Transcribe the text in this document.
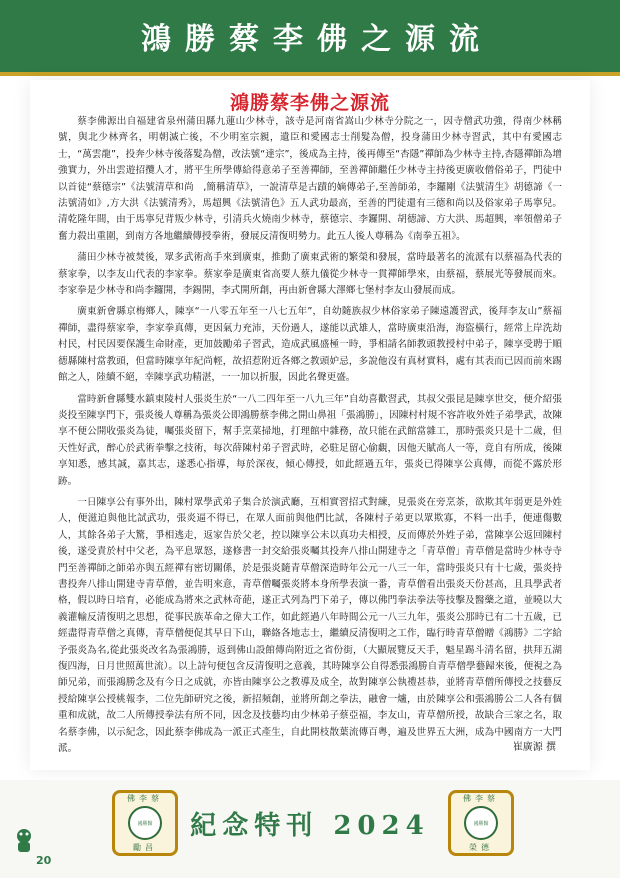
鴻勝蔡李佛之源流
鴻勝蔡李佛之源流

蔡李佛源出自福建省泉州蒲田縣九蓮山少林寺，該寺是河南省嵩山少林寺分院之一，因寺僧武功強，得南少林稱號，與北少林齊名，明朝滅亡後，不少明室宗親，遺臣和愛國志士削髮為僧，投身蒲田少林寺習武，其中有愛國志士，“萬雲龍”，投奔少林寺後落髮為僧，改法號“達宗”，後成為主持，後再傳至“杏隱”禪師為少林寺主持,杏隱禪師為增強實力，外出雲遊招攬人才，將平生所學傳給得意弟子至善禪師，至善禪師繼任少林寺主持後更廣收僧俗弟子，門徒中以首徒“蔡德宗”《法號清草和尚　,簡稱清草》，一說清草是古蹟的嫡傳弟子,至善師弟，李鑼剛《法號清生》胡德諦《一法號清如》,方大洪《法號清秀》，馬超興《法號清色》五人武功最高，至善的門徒還有三德和尚以及俗家弟子馬寧兒。清乾隆年間，由于馬寧兒背叛少林寺，引清兵火燒南少林寺，蔡德宗、李鑼開、胡德諦、方大洪、馬超興，率領僧弟子奮力殺出重圍，到南方各地繼續傳授拳術，發展反清復明勢力。此五人後人尊稱為《南拳五祖》。

蒲田少林寺被焚後，眾多武術高手來到廣東，推動了廣東武術的繁榮和發展，當時最著名的流派有以蔡福為代表的蔡家拳，以李友山代表的李家拳。蔡家拳是廣東省高要人蔡九儀從少林寺一貫禪師學來，由蔡福，蔡展光等發展而來。李家拳是少林寺和尚李鑼開，李錫開，李式開所創，再由新會縣大澤鄉七堡村李友山發展而成。

廣東新會縣京梅鄉人，陳享“一八零五年至一八七五年”，自幼隨族叔少林俗家弟子陳遠護習武，後拜李友山”蔡福禪師，盡得蔡家拳，李家拳真傳，更因氣力充沛，天份過人，遂能以武雄人，當時廣東沿海，海盜橫行，經常上岸洗劫村民，村民因要保護生命財產，更加鼓勵弟子習武，造成武風盛極一時，爭相請名師教頭教授村中弟子，陳享受聘于順德縣陳村當教頭，但當時陳享年紀尚輕，故招惹附近各鄉之教頭妒忌，多說他沒有真材實料，處有其表而已因而前來踢館之人，陸續不絕，幸陳享武功精湛，一一加以折服，因此名聲更盛。

當時新會縣雙水鎮東陵村人張炎生於“一八二四年至一八九三年”自幼喜歡習武，其叔父張昆是陳享世交，便介紹張炎投至陳享門下，張炎後人尊稱為張炎公即鴻勝蔡李佛之開山鼻祖「張鴻勝」，因陳村村規不容許收外姓子弟學武，故陳享不便公開收張炎為徒，囑張炎留下，幫手烹菜掃地，打理館中雜務，故只能在武館當雜工，那時張炎只是十二歲，但天性好武，醉心於武術拳擊之技術，每次薛陳村弟子習武時，必駐足留心偷覷，因他天賦高人一等，竟自有所成，後陳享知悉，感其誠，嘉其志，遂悉心指導，每於深夜，傾心傳授，如此經過五年，張炎已得陳享公真傳，而從不露於形跡。

一日陳享公有事外出，陳村眾學武弟子集合於演武廳，互相實習招式對練，見張炎在旁烹茶，欲欺其年弱更是外姓人，便滋迫與他比試武功，張炎逼不得已，在眾人面前與他們比試，各陳村子弟更以眾欺寡，不料一出手，便連傷數人，其餘各弟子大驚，爭相逃走，返家告於父老，控以陳享公未以真功夫相授，反而傳於外姓子弟，當陳享公返回陳村後，遂受責於村中父老，為平息眾怒，遂修書一封交給張炎囑其投奔八排山開建寺之「青草僧」青草僧是當時少林寺寺門至善禪師之師弟亦與五經禪有密切關係，於是張炎隨青草僧深造時年公元一八三一年，當時張炎只有十七歲，張炎持書投奔八排山開建寺青草僧，並告明來意，青草僧囑張炎將本身所學表演一番，青草僧看出張炎天份甚高，且具學武者格，假以時日培育，必能成為將來之武林奇葩，遂正式列為門下弟子，傳以佛門拳法拳法等技擊及醫藥之道，並曉以大義灌輸反清復明之思想，從事民族革命之偉大工作，如此經過八年時間公元一八三九年，張炎公那時已有二十五歲，已經盡得青草僧之真傳，青草僧便促其早日下山，聯絡各地志士，繼續反清復明之工作，臨行時青草僧贈《鴻勝》二字給予張炎為名,從此張炎改名為張鴻勝，返到佛山設館傳尚附近之省份街，（大顯展覽反天手，魁星踢斗清名留，拱拜五湖復四海，日月世照萬世流）。以上詩句便包含反清復明之意義，其時陳享公自得悉張鴻勝自青草僧學藝歸來後，便視之為師兄弟，而張鴻勝念及有今日之成就，亦皆由陳享公之教導及成全，故對陳享公執禮甚恭，並將青草僧所傳授之技藝反授給陳享公授桃報李，二位先師研究之後，新招頻創，並將所創之拳法，融會一爐，由於陳享公和張鴻勝公二人各有個重和成就，故二人所傳授拳法有所不同，因念及技藝均由少林弟子蔡亞福，李友山，青草僧所授，故缺合三家之名，取名蔡李佛，以示紀念，因此蔡李佛成為一派正式產生，自此開枝散葉流傳百粵，遍及世界五大洲，成為中國南方一大門派。	崔廣源 撰
佛李蔡
鴻勝館
勵昌
紀念特刊 2024
佛李蔡
鴻勝館
榮德
20
